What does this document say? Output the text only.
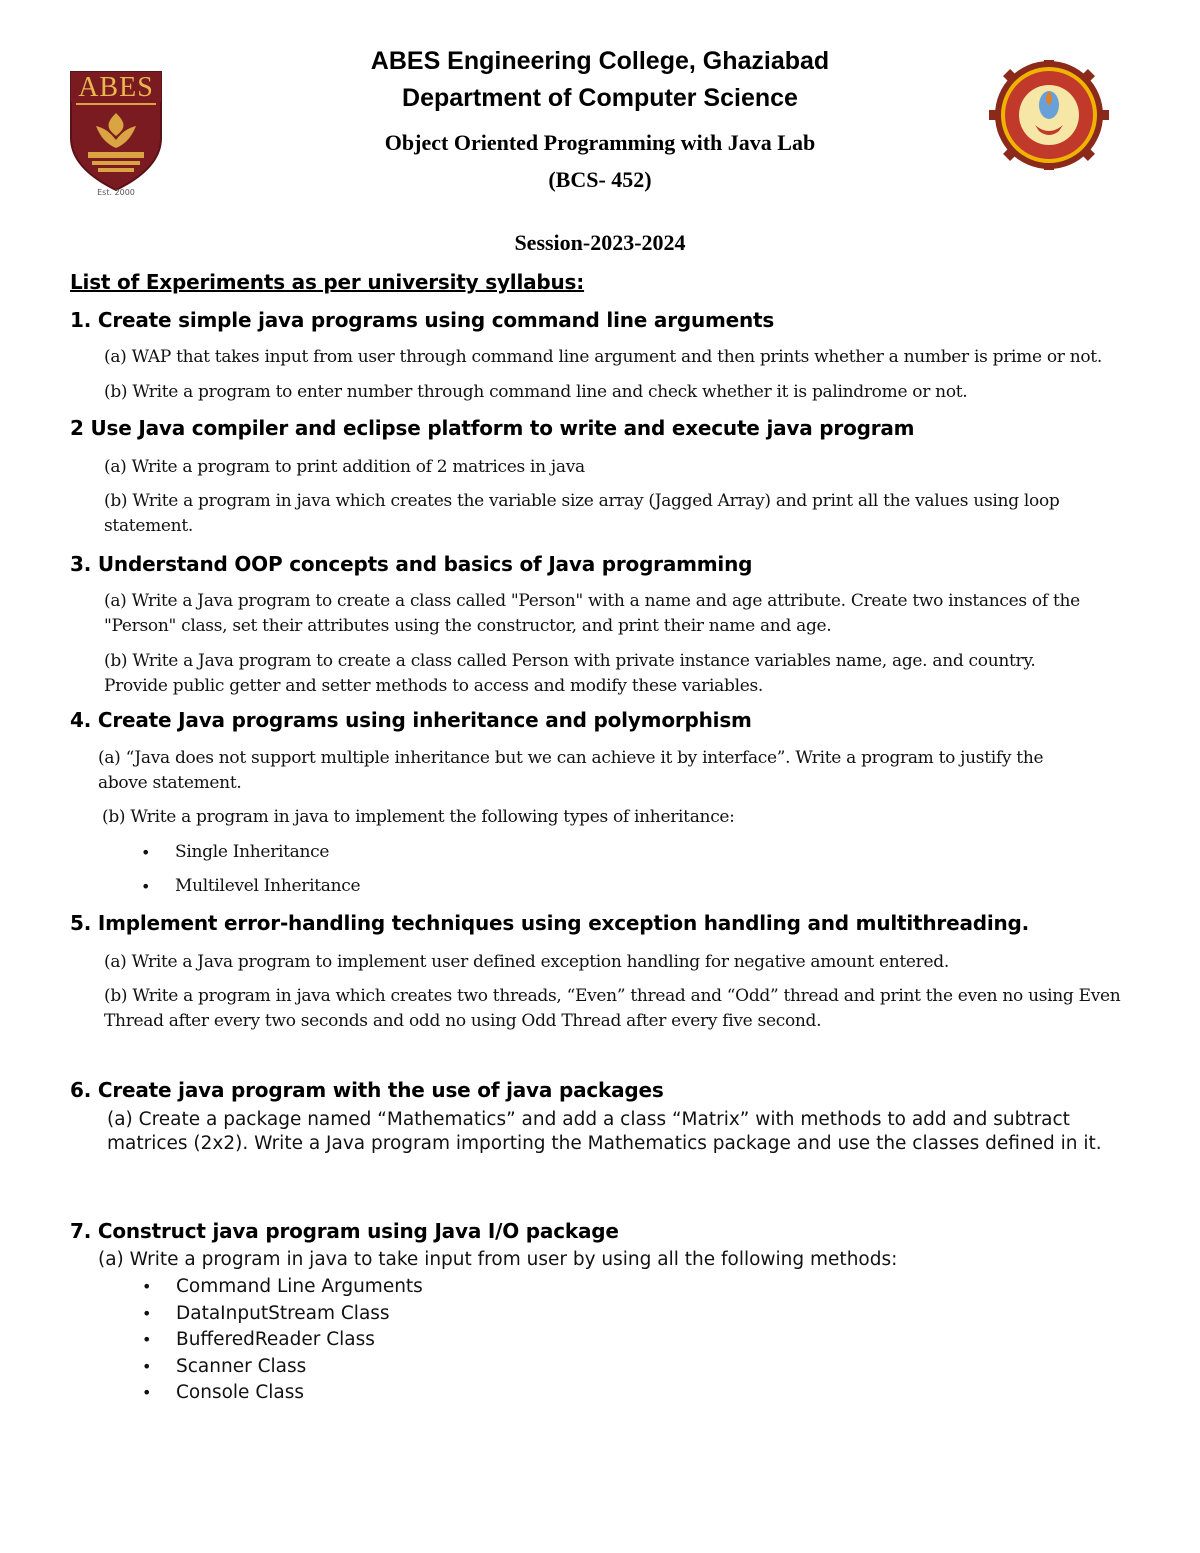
ABES
Est. 2000
ABES Engineering College, Ghaziabad
Department of Computer Science
Object Oriented Programming with Java Lab
(BCS- 452)
Session-2023-2024
List of Experiments as per university syllabus:
1. Create simple java programs using command line arguments
(a) WAP that takes input from user through command line argument and then prints whether a number is prime or not.
(b) Write a program to enter number through command line and check whether it is palindrome or not.
2 Use Java compiler and eclipse platform to write and execute java program
(a) Write a program to print addition of 2 matrices in java
(b) Write a program in java which creates the variable size array (Jagged Array) and print all the values using loop statement.
3. Understand OOP concepts and basics of Java programming
(a) Write a Java program to create a class called "Person" with a name and age attribute. Create two instances of the "Person" class, set their attributes using the constructor, and print their name and age.
(b) Write a Java program to create a class called Person with private instance variables name, age. and country. Provide public getter and setter methods to access and modify these variables.
4. Create Java programs using inheritance and polymorphism
(a) “Java does not support multiple inheritance but we can achieve it by interface”. Write a program to justify the above statement.
(b) Write a program in java to implement the following types of inheritance:
• Single Inheritance
• Multilevel Inheritance
5. Implement error-handling techniques using exception handling and multithreading.
(a) Write a Java program to implement user defined exception handling for negative amount entered.
(b) Write a program in java which creates two threads, “Even” thread and “Odd” thread and print the even no using Even Thread after every two seconds and odd no using Odd Thread after every five second.
6. Create java program with the use of java packages
(a) Create a package named “Mathematics” and add a class “Matrix” with methods to add and subtract matrices (2x2). Write a Java program importing the Mathematics package and use the classes defined in it.
7. Construct java program using Java I/O package
(a) Write a program in java to take input from user by using all the following methods:
• Command Line Arguments
• DataInputStream Class
• BufferedReader Class
• Scanner Class
• Console Class
